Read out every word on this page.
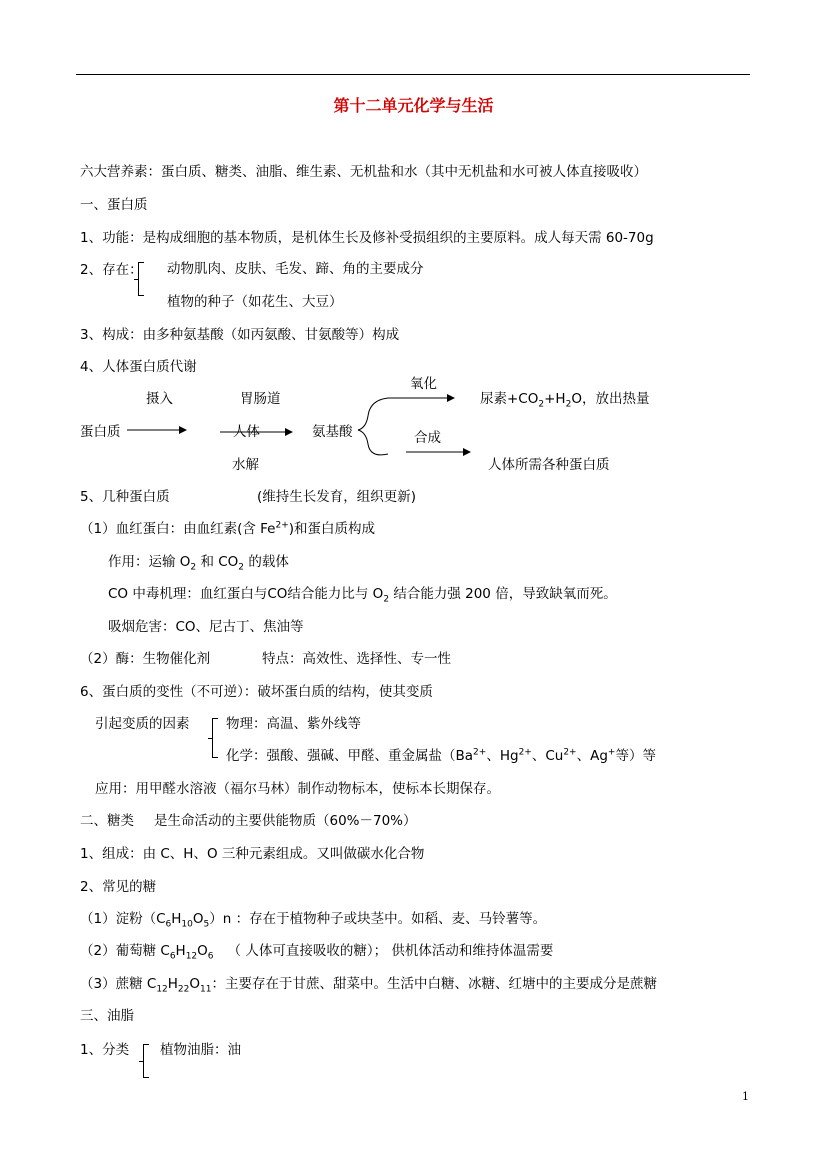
第十二单元化学与生活
六大营养素：蛋白质、糖类、油脂、维生素、无机盐和水（其中无机盐和水可被人体直接吸收）
一、蛋白质
1、功能：是构成细胞的基本物质，是机体生长及修补受损组织的主要原料。成人每天需 60-70g
2、存在： 动物肌肉、皮肤、毛发、蹄、角的主要成分
植物的种子（如花生、大豆）
3、构成：由多种氨基酸（如丙氨酸、甘氨酸等）构成
4、人体蛋白质代谢
摄入	胃肠道
蛋白质	人体	氨基酸
水解
氧化
合成
尿素$+CO_2+H_2O$，放出热量
人体所需各种蛋白质
5、几种蛋白质	(维持生长发育，组织更新)
（1）血红蛋白：由血红素(含 $Fe^{2+}$)和蛋白质构成
作用：运输 $O_2$ 和 $CO_2$ 的载体
CO 中毒机理：血红蛋白与CO结合能力比与 $O_2$ 结合能力强 200 倍，导致缺氧而死。
吸烟危害：CO、尼古丁、焦油等
（2）酶：生物催化剂	特点：高效性、选择性、专一性
6、蛋白质的变性（不可逆）：破坏蛋白质的结构，使其变质
引起变质的因素	物理：高温、紫外线等
化学：强酸、强碱、甲醛、重金属盐（$Ba^{2+}$、$Hg^{2+}$、$Cu^{2+}$、Ag+等）等
应用：用甲醛水溶液（福尔马林）制作动物标本，使标本长期保存。
二、糖类 是生命活动的主要供能物质（60%－70%）
1、组成：由 C、H、O 三种元素组成。又叫做碳水化合物
2、常见的糖
（1）淀粉$(C_6H_{10}O_5)n$ ：存在于植物种子或块茎中。如稻、麦、马铃薯等。
（2）葡萄糖 $C_6H_{12}O_6$ （ 人体可直接吸收的糖）； 供机体活动和维持体温需要
（3）蔗糖 $C_{12}H_{22}O_{11}$：主要存在于甘蔗、甜菜中。生活中白糖、冰糖、红塘中的主要成分是蔗糖
三、油脂
1、分类 植物油脂：油
1
